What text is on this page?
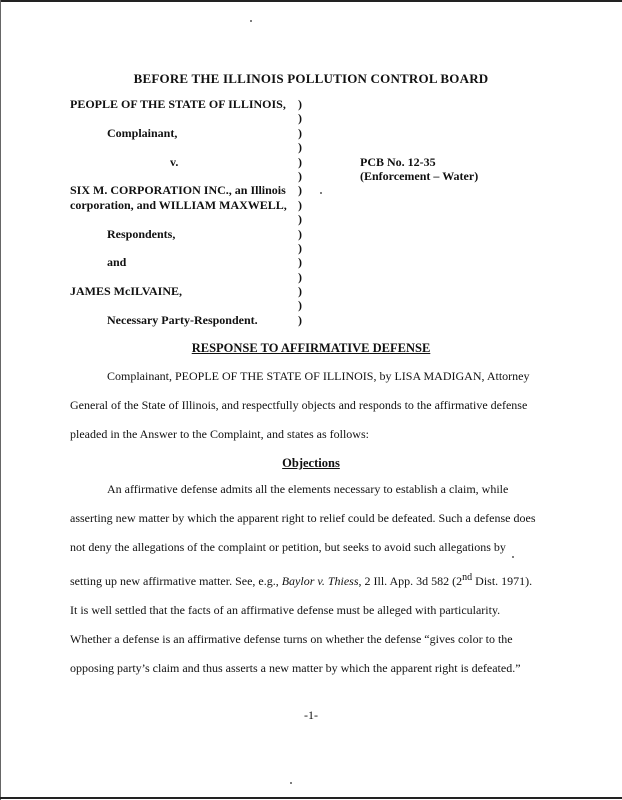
BEFORE THE ILLINOIS POLLUTION CONTROL BOARD
PEOPLE OF THE STATE OF ILLINOIS, )
)
Complainant,	)
)
v.	)	PCB No. 12-35
)	(Enforcement – Water)
SIX M. CORPORATION INC., an Illinois )
corporation, and WILLIAM MAXWELL, )
)
Respondents,	)
)
and	)
)
JAMES McILVAINE,	)
)
Necessary Party-Respondent.	)
RESPONSE TO AFFIRMATIVE DEFENSE
Complainant, PEOPLE OF THE STATE OF ILLINOIS, by LISA MADIGAN, Attorney
General of the State of Illinois, and respectfully objects and responds to the affirmative defense
pleaded in the Answer to the Complaint, and states as follows:
Objections
An affirmative defense admits all the elements necessary to establish a claim, while
asserting new matter by which the apparent right to relief could be defeated. Such a defense does
not deny the allegations of the complaint or petition, but seeks to avoid such allegations by
setting up new affirmative matter. See, e.g., Baylor v. Thiess, 2 Ill. App. 3d 582 (2nd Dist. 1971).
It is well settled that the facts of an affirmative defense must be alleged with particularity.
Whether a defense is an affirmative defense turns on whether the defense “gives color to the
opposing party’s claim and thus asserts a new matter by which the apparent right is defeated.”
-1-
